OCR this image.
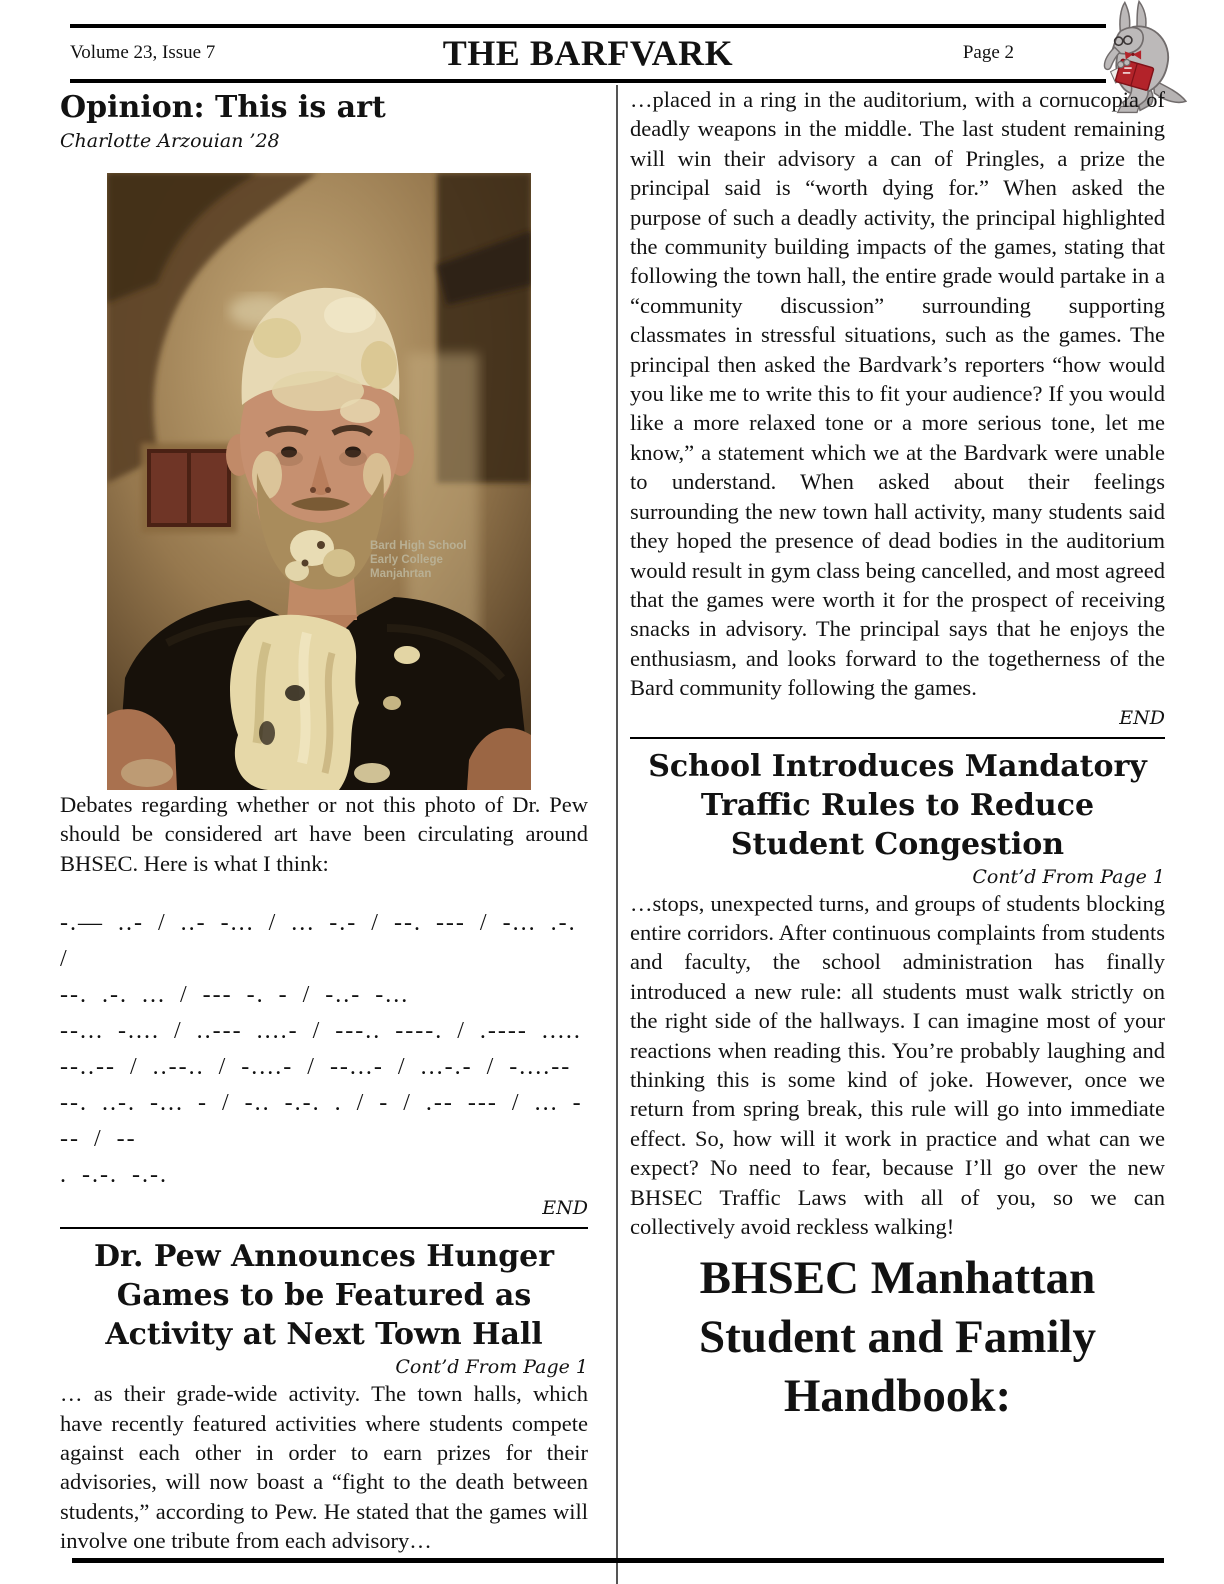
Volume 23, Issue 7	THE BARFVARK	Page 2
Opinion: This is art
Charlotte Arzouian ’28
Bard High School Early College Manjahrtan

Debates regarding whether or not this photo of Dr. Pew should be considered art have been circulating around BHSEC. Here is what I think:

-.— ..- / ..- -... / ... -.- / --. --- / -... .-. /
--. .-. ... / --- -. - / -..- -...
--... -.... / ..--- ....- / ---.. ----. / .---- .....
--..-- / ..--.. / -....- / --...- / ...-.- / -....--
--. ..-. -... - / -.. -.-. . / - / .-- --- / ... --- / --
. -.-. -.-.
END
Dr. Pew Announces Hunger Games to be Featured as Activity at Next Town Hall
Cont’d From Page 1

… as their grade-wide activity. The town halls, which have recently featured activities where students compete against each other in order to earn prizes for their advisories, will now boast a “fight to the death between students,” according to Pew. He stated that the games will involve one tribute from each advisory…

…placed in a ring in the auditorium, with a cornucopia of deadly weapons in the middle. The last student remaining will win their advisory a can of Pringles, a prize the principal said is “worth dying for.” When asked the purpose of such a deadly activity, the principal highlighted the community building impacts of the games, stating that following the town hall, the entire grade would partake in a “community discussion” surrounding supporting classmates in stressful situations, such as the games. The principal then asked the Bardvark’s reporters “how would you like me to write this to fit your audience? If you would like a more relaxed tone or a more serious tone, let me know,” a statement which we at the Bardvark were unable to understand. When asked about their feelings surrounding the new town hall activity, many students said they hoped the presence of dead bodies in the auditorium would result in gym class being cancelled, and most agreed that the games were worth it for the prospect of receiving snacks in advisory. The principal says that he enjoys the enthusiasm, and looks forward to the togetherness of the Bard community following the games.

END
School Introduces Mandatory Traffic Rules to Reduce Student Congestion
Cont’d From Page 1

…stops, unexpected turns, and groups of students blocking entire corridors. After continuous complaints from students and faculty, the school administration has finally introduced a new rule: all students must walk strictly on the right side of the hallways. I can imagine most of your reactions when reading this. You’re probably laughing and thinking this is some kind of joke. However, once we return from spring break, this rule will go into immediate effect. So, how will it work in practice and what can we expect? No need to fear, because I’ll go over the new BHSEC Traffic Laws with all of you, so we can collectively avoid reckless walking!

BHSEC Manhattan Student and Family Handbook:
